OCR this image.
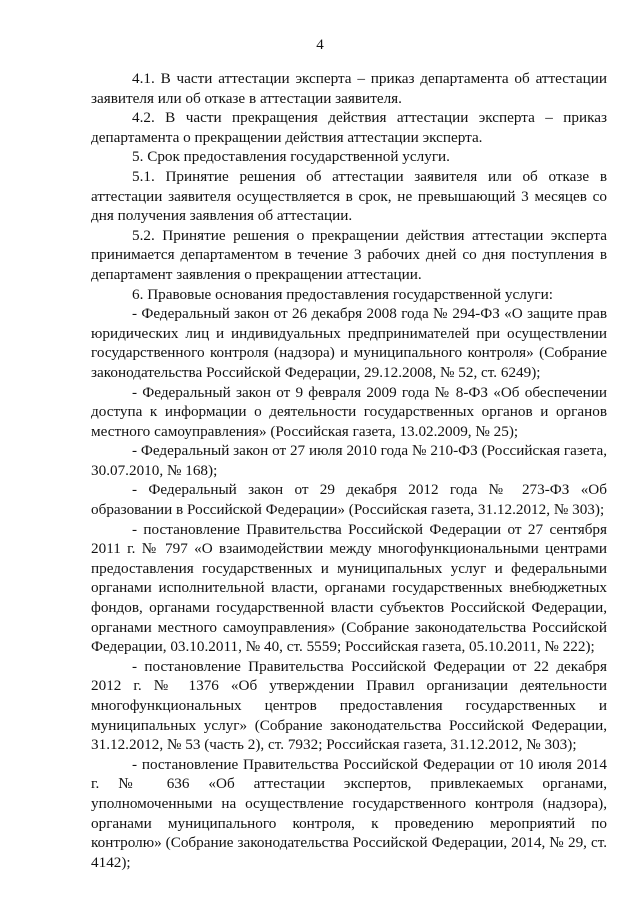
4

4.1. В части аттестации эксперта – приказ департамента об аттестации заявителя или об отказе в аттестации заявителя.

4.2. В части прекращения действия аттестации эксперта – приказ департамента о прекращении действия аттестации эксперта.

5. Срок предоставления государственной услуги.

5.1. Принятие решения об аттестации заявителя или об отказе в аттестации заявителя осуществляется в срок, не превышающий 3 месяцев со дня получения заявления об аттестации.

5.2. Принятие решения о прекращении действия аттестации эксперта принимается департаментом в течение 3 рабочих дней со дня поступления в департамент заявления о прекращении аттестации.

6. Правовые основания предоставления государственной услуги:

- Федеральный закон от 26 декабря 2008 года № 294-ФЗ «О защите прав юридических лиц и индивидуальных предпринимателей при осуществлении государственного контроля (надзора) и муниципального контроля» (Собрание законодательства Российской Федерации, 29.12.2008, № 52, ст. 6249);

- Федеральный закон от 9 февраля 2009 года № 8-ФЗ «Об обеспечении доступа к информации о деятельности государственных органов и органов местного самоуправления» (Российская газета, 13.02.2009, № 25);

- Федеральный закон от 27 июля 2010 года № 210-ФЗ (Российская газета, 30.07.2010, № 168);

- Федеральный закон от 29 декабря 2012 года № 273-ФЗ «Об образовании в Российской Федерации» (Российская газета, 31.12.2012, № 303);

- постановление Правительства Российской Федерации от 27 сентября 2011 г. № 797 «О взаимодействии между многофункциональными центрами предоставления государственных и муниципальных услуг и федеральными органами исполнительной власти, органами государственных внебюджетных фондов, органами государственной власти субъектов Российской Федерации, органами местного самоуправления» (Собрание законодательства Российской Федерации, 03.10.2011, № 40, ст. 5559; Российская газета, 05.10.2011, № 222);

- постановление Правительства Российской Федерации от 22 декабря 2012 г. № 1376 «Об утверждении Правил организации деятельности многофункциональных центров предоставления государственных и муниципальных услуг» (Собрание законодательства Российской Федерации, 31.12.2012, № 53 (часть 2), ст. 7932; Российская газета, 31.12.2012, № 303);

- постановление Правительства Российской Федерации от 10 июля 2014 г. № 636 «Об аттестации экспертов, привлекаемых органами, уполномоченными на осуществление государственного контроля (надзора), органами муниципального контроля, к проведению мероприятий по контролю» (Собрание законодательства Российской Федерации, 2014, № 29, ст. 4142);
